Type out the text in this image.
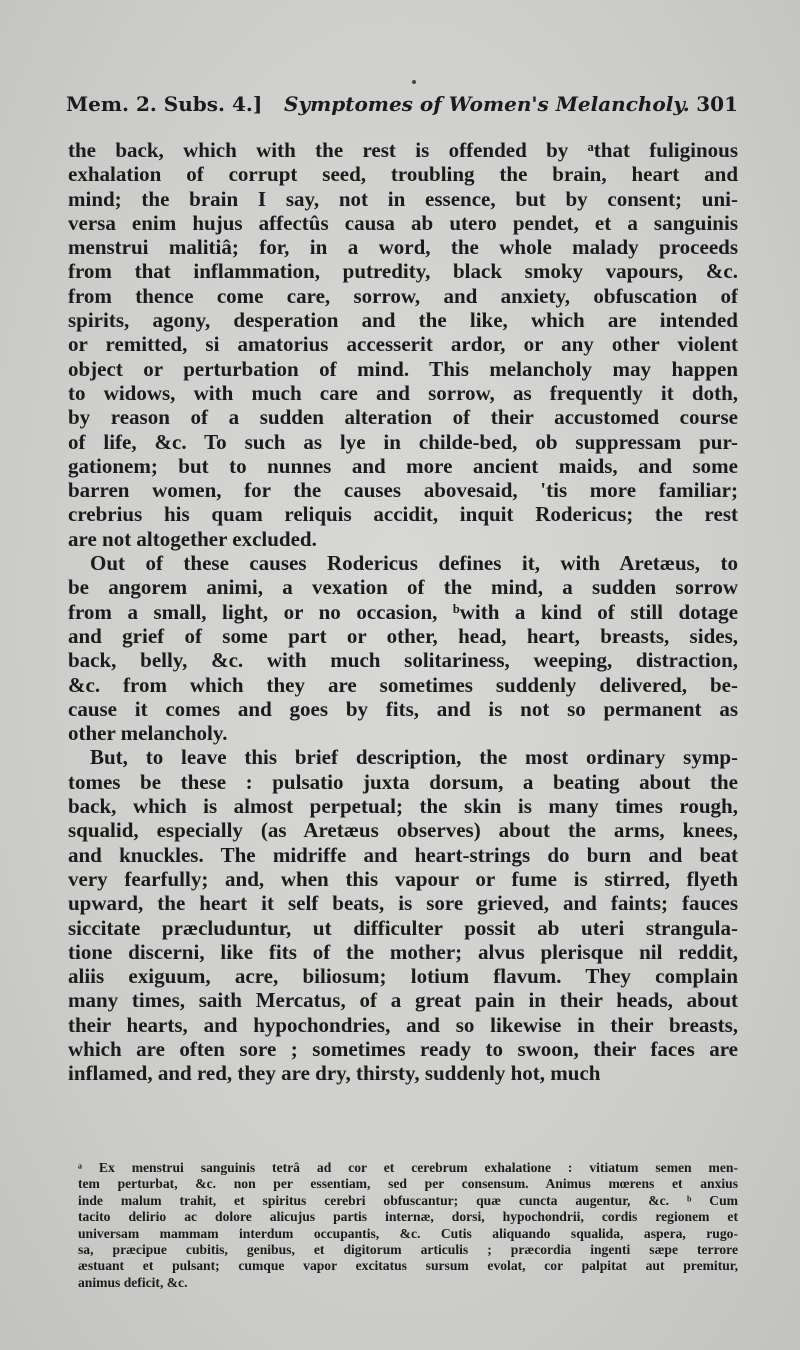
Mem. 2. Subs. 4.] Symptomes of Women's Melancholy. 301
the back, which with the rest is offended by ᵃthat fuliginous
exhalation of corrupt seed, troubling the brain, heart and
mind; the brain I say, not in essence, but by consent; uni-
versa enim hujus affectûs causa ab utero pendet, et a sanguinis
menstrui malitiâ; for, in a word, the whole malady proceeds
from that inflammation, putredity, black smoky vapours, &c.
from thence come care, sorrow, and anxiety, obfuscation of
spirits, agony, desperation and the like, which are intended
or remitted, si amatorius accesserit ardor, or any other violent
object or perturbation of mind. This melancholy may happen
to widows, with much care and sorrow, as frequently it doth,
by reason of a sudden alteration of their accustomed course
of life, &c. To such as lye in childe-bed, ob suppressam pur-
gationem; but to nunnes and more ancient maids, and some
barren women, for the causes abovesaid, 'tis more familiar;
crebrius his quam reliquis accidit, inquit Rodericus; the rest
are not altogether excluded.
Out of these causes Rodericus defines it, with Aretæus, to
be angorem animi, a vexation of the mind, a sudden sorrow
from a small, light, or no occasion, ᵇwith a kind of still dotage
and grief of some part or other, head, heart, breasts, sides,
back, belly, &c. with much solitariness, weeping, distraction,
&c. from which they are sometimes suddenly delivered, be-
cause it comes and goes by fits, and is not so permanent as
other melancholy.
But, to leave this brief description, the most ordinary symp-
tomes be these : pulsatio juxta dorsum, a beating about the
back, which is almost perpetual; the skin is many times rough,
squalid, especially (as Aretæus observes) about the arms, knees,
and knuckles. The midriffe and heart-strings do burn and beat
very fearfully; and, when this vapour or fume is stirred, flyeth
upward, the heart it self beats, is sore grieved, and faints; fauces
siccitate præcluduntur, ut difficulter possit ab uteri strangula-
tione discerni, like fits of the mother; alvus plerisque nil reddit,
aliis exiguum, acre, biliosum; lotium flavum. They complain
many times, saith Mercatus, of a great pain in their heads, about
their hearts, and hypochondries, and so likewise in their breasts,
which are often sore ; sometimes ready to swoon, their faces are
inflamed, and red, they are dry, thirsty, suddenly hot, much
ᵃ Ex menstrui sanguinis tetrâ ad cor et cerebrum exhalatione : vitiatum semen men-
tem perturbat, &c. non per essentiam, sed per consensum. Animus mœrens et anxius
inde malum trahit, et spiritus cerebri obfuscantur; quæ cuncta augentur, &c. ᵇ Cum
tacito delirio ac dolore alicujus partis internæ, dorsi, hypochondrii, cordis regionem et
universam mammam interdum occupantis, &c. Cutis aliquando squalida, aspera, rugo-
sa, præcipue cubitis, genibus, et digitorum articulis ; præcordia ingenti sæpe terrore
æstuant et pulsant; cumque vapor excitatus sursum evolat, cor palpitat aut premitur,
animus deficit, &c.
